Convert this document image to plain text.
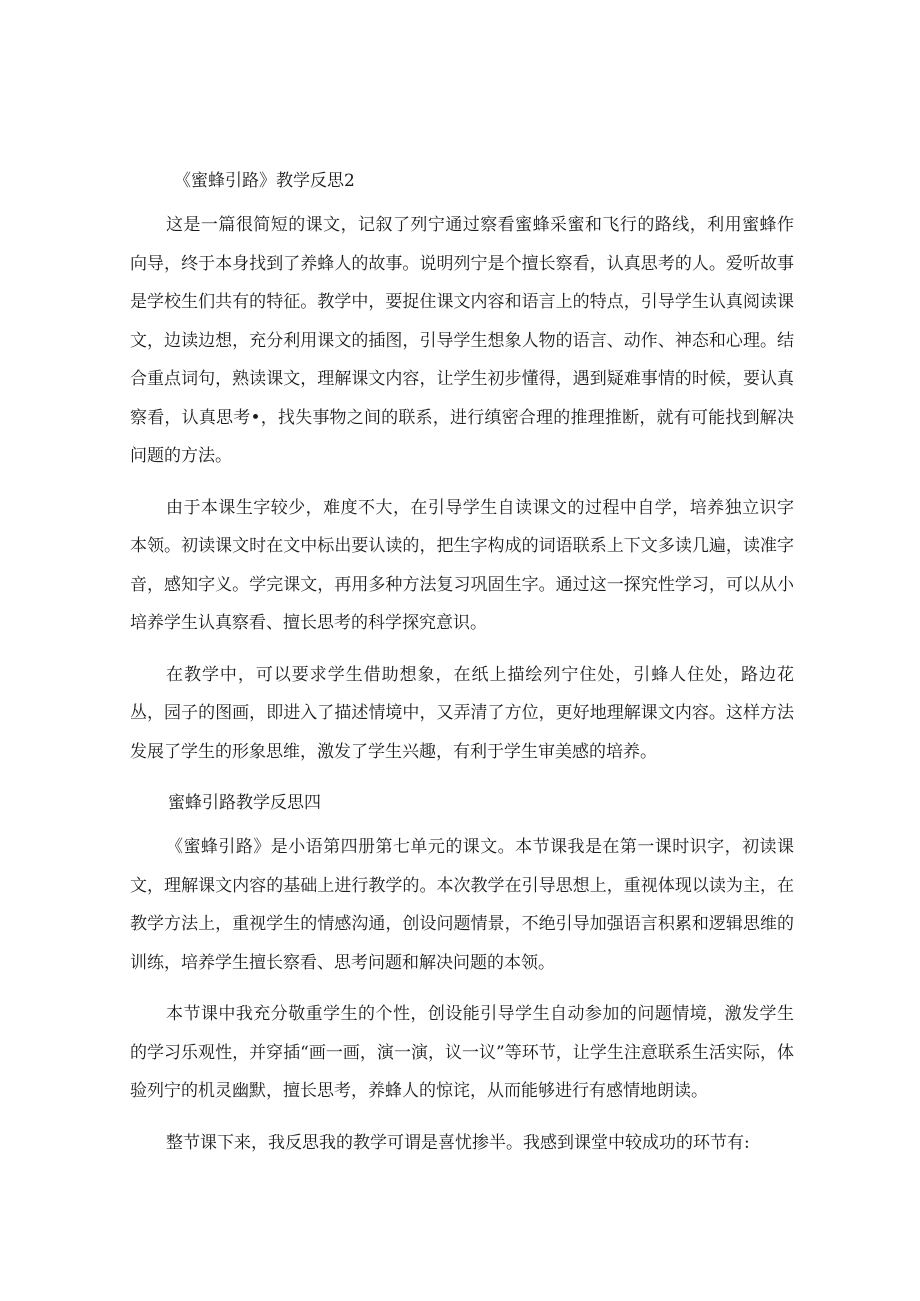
《蜜蜂引路》教学反思2

这是一篇很简短的课文，记叙了列宁通过察看蜜蜂采蜜和飞行的路线，利用蜜蜂作向导，终于本身找到了养蜂人的故事。说明列宁是个擅长察看，认真思考的人。爱听故事是学校生们共有的特征。教学中，要捉住课文内容和语言上的特点，引导学生认真阅读课文，边读边想，充分利用课文的插图，引导学生想象人物的语言、动作、神态和心理。结合重点词句，熟读课文，理解课文内容，让学生初步懂得，遇到疑难事情的时候，要认真察看，认真思考•，找失事物之间的联系，进行缜密合理的推理推断，就有可能找到解决问题的方法。

由于本课生字较少，难度不大，在引导学生自读课文的过程中自学，培养独立识字本领。初读课文时在文中标出要认读的，把生字构成的词语联系上下文多读几遍，读准字音，感知字义。学完课文，再用多种方法复习巩固生字。通过这一探究性学习，可以从小培养学生认真察看、擅长思考的科学探究意识。

在教学中，可以要求学生借助想象，在纸上描绘列宁住处，引蜂人住处，路边花丛，园子的图画，即进入了描述情境中，又弄清了方位，更好地理解课文内容。这样方法发展了学生的形象思维，激发了学生兴趣，有利于学生审美感的培养。

蜜蜂引路教学反思四

《蜜蜂引路》是小语第四册第七单元的课文。本节课我是在第一课时识字，初读课文，理解课文内容的基础上进行教学的。本次教学在引导思想上，重视体现以读为主，在教学方法上，重视学生的情感沟通，创设问题情景，不绝引导加强语言积累和逻辑思维的训练，培养学生擅长察看、思考问题和解决问题的本领。

本节课中我充分敬重学生的个性，创设能引导学生自动参加的问题情境，激发学生的学习乐观性，并穿插“画一画，演一演，议一议”等环节，让学生注意联系生活实际，体验列宁的机灵幽默，擅长思考，养蜂人的惊诧，从而能够进行有感情地朗读。

整节课下来，我反思我的教学可谓是喜忧掺半。我感到课堂中较成功的环节有:
